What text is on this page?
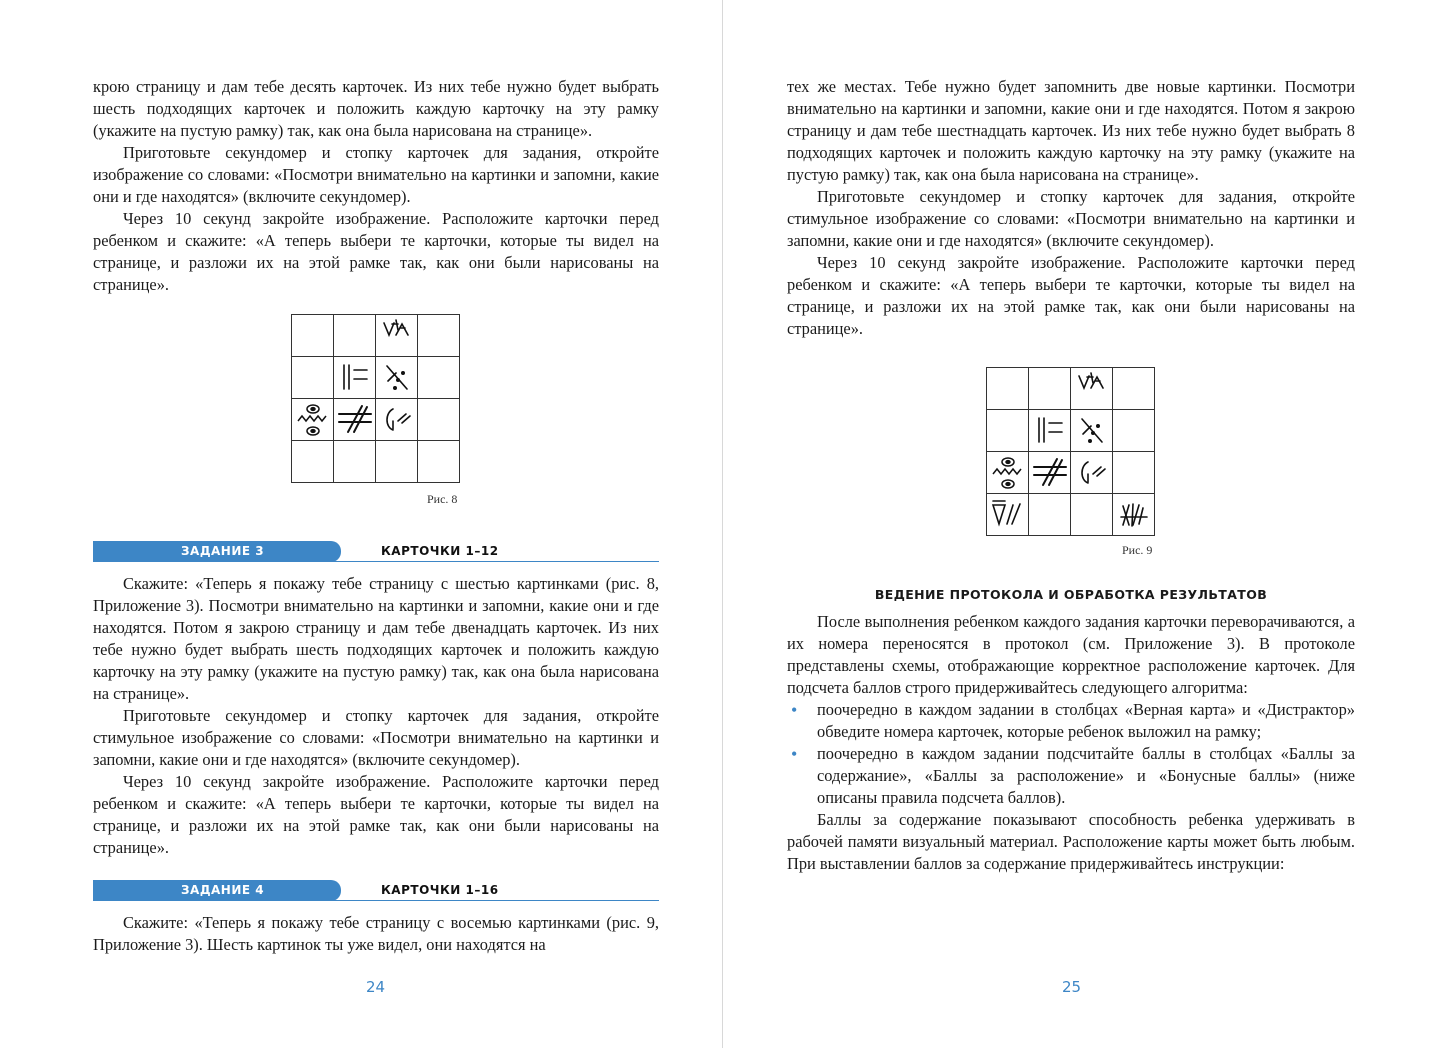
крою страницу и дам тебе десять карточек. Из них тебе нужно будет выбрать шесть подходящих карточек и положить каждую карточку на эту рамку (укажите на пустую рамку) так, как она была нарисована на странице».

Приготовьте секундомер и стопку карточек для задания, откройте изображение со словами: «Посмотри внимательно на картинки и запомни, какие они и где находятся» (включите секундомер).

Через 10 секунд закройте изображение. Расположите карточки перед ребенком и скажите: «А теперь выбери те карточки, которые ты видел на странице, и разложи их на этой рамке так, как они были нарисованы на странице».

Рис. 8
ЗАДАНИЕ 3	КАРТОЧКИ 1–12

Скажите: «Теперь я покажу тебе страницу с шестью картинками (рис. 8, Приложение 3). Посмотри внимательно на картинки и запомни, какие они и где находятся. Потом я закрою страницу и дам тебе двенадцать карточек. Из них тебе нужно будет выбрать шесть подходящих карточек и положить каждую карточку на эту рамку (укажите на пустую рамку) так, как она была нарисована на странице».

Приготовьте секундомер и стопку карточек для задания, откройте стимульное изображение со словами: «Посмотри внимательно на картинки и запомни, какие они и где находятся» (включите секундомер).

Через 10 секунд закройте изображение. Расположите карточки перед ребенком и скажите: «А теперь выбери те карточки, которые ты видел на странице, и разложи их на этой рамке так, как они были нарисованы на странице».

ЗАДАНИЕ 4	КАРТОЧКИ 1–16

Скажите: «Теперь я покажу тебе страницу с восемью картинками (рис. 9, Приложение 3). Шесть картинок ты уже видел, они находятся на

24

тех же местах. Тебе нужно будет запомнить две новые картинки. Посмотри внимательно на картинки и запомни, какие они и где находятся. Потом я закрою страницу и дам тебе шестнадцать карточек. Из них тебе нужно будет выбрать 8 подходящих карточек и положить каждую карточку на эту рамку (укажите на пустую рамку) так, как она была нарисована на странице».

Приготовьте секундомер и стопку карточек для задания, откройте стимульное изображение со словами: «Посмотри внимательно на картинки и запомни, какие они и где находятся» (включите секундомер).

Через 10 секунд закройте изображение. Расположите карточки перед ребенком и скажите: «А теперь выбери те карточки, которые ты видел на странице, и разложи их на этой рамке так, как они были нарисованы на странице».

Рис. 9
ВЕДЕНИЕ ПРОТОКОЛА И ОБРАБОТКА РЕЗУЛЬТАТОВ

После выполнения ребенком каждого задания карточки переворачиваются, а их номера переносятся в протокол (см. Приложение 3). В протоколе представлены схемы, отображающие корректное расположение карточек. Для подсчета баллов строго придерживайтесь следующего алгоритма:

• поочередно в каждом задании в столбцах «Верная карта» и «Дистрактор» обведите номера карточек, которые ребенок выложил на рамку;
• поочередно в каждом задании подсчитайте баллы в столбцах «Баллы за содержание», «Баллы за расположение» и «Бонусные баллы» (ниже описаны правила подсчета баллов).

Баллы за содержание показывают способность ребенка удерживать в рабочей памяти визуальный материал. Расположение карты может быть любым. При выставлении баллов за содержание придерживайтесь инструкции:

25
